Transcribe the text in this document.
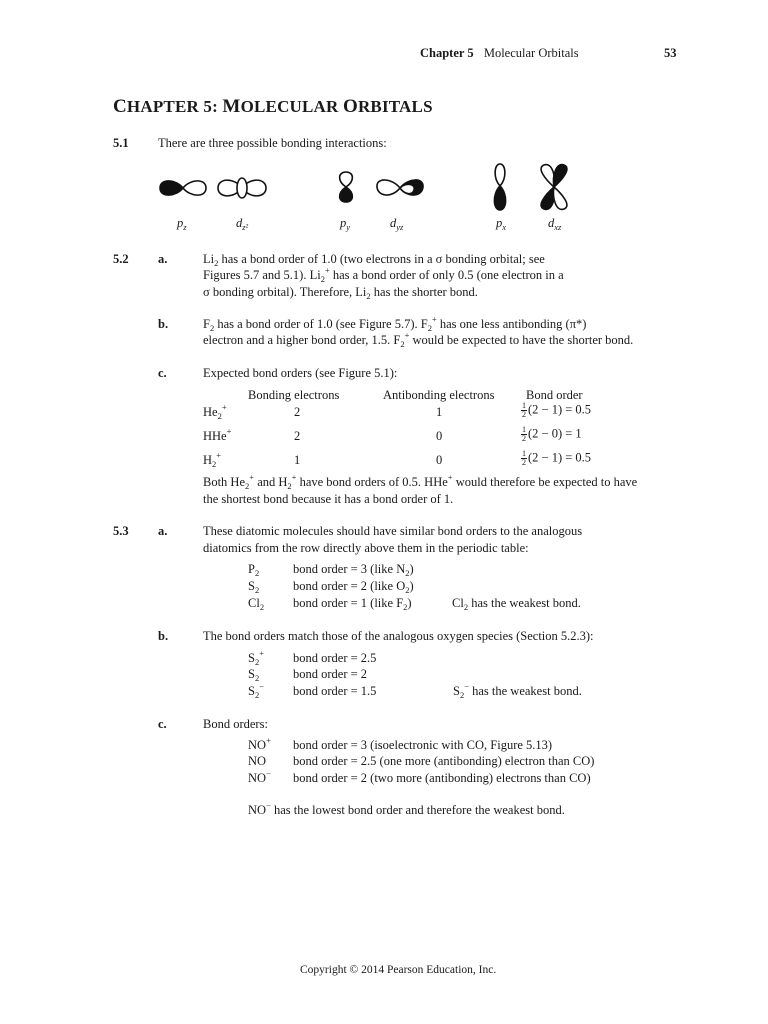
Chapter 5 Molecular Orbitals	53
CHAPTER 5: MOLECULAR ORBITALS
5.1 There are three possible bonding interactions:
$p_z$	$d_{z^2}$	$p_y$	$d_{yz}$	$p_x$	$d_{xz}$
5.2 a.	$Li_2$ has a bond order of 1.0 (two electrons in a σ bonding orbital; see
Figures 5.7 and 5.1). $Li_2^+$ has a bond order of only 0.5 (one electron in a
σ bonding orbital). Therefore, $Li_2$ has the shorter bond.
b.	$F_2$ has a bond order of 1.0 (see Figure 5.7). $F_2^+$ has one less antibonding (π*)
electron and a higher bond order, 1.5. $F_2^+$ would be expected to have the shorter bond.
c.	Expected bond orders (see Figure 5.1):
Bonding electrons	Antibonding electrons	Bond order
$He_2^+$	2	1	$\frac{1}{2} (2 - 1) = 0.5$
HHe+	2	0	$\frac{1}{2} (2 - 0) = 1$
$H_2^+$	1	0	$\frac{1}{2} (2 - 1) = 0.5$
Both $He_2^+$ and $H_2^+$ have bond orders of 0.5. HHe+ would therefore be expected to have
the shortest bond because it has a bond order of 1.
5.3 a.	These diatomic molecules should have similar bond orders to the analogous
diatomics from the row directly above them in the periodic table:
$P_2$	bond order = 3 (like $N_2$)
$S_2$	bond order = 2 (like $O_2$)
$Cl_2$ bond order = 1 (like $F_2$)	$Cl_2$ has the weakest bond.
b.	The bond orders match those of the analogous oxygen species (Section 5.2.3):
$S_2^+$ bond order = 2.5
$S_2$	bond order = 2
$S_2^-$ bond order = 1.5	$S_2^-$ has the weakest bond.
c.	Bond orders:
NO+ bond order = 3 (isoelectronic with CO, Figure 5.13)
NO bond order = 2.5 (one more (antibonding) electron than CO)
NO− bond order = 2 (two more (antibonding) electrons than CO)
NO− has the lowest bond order and therefore the weakest bond.
Copyright © 2014 Pearson Education, Inc.
